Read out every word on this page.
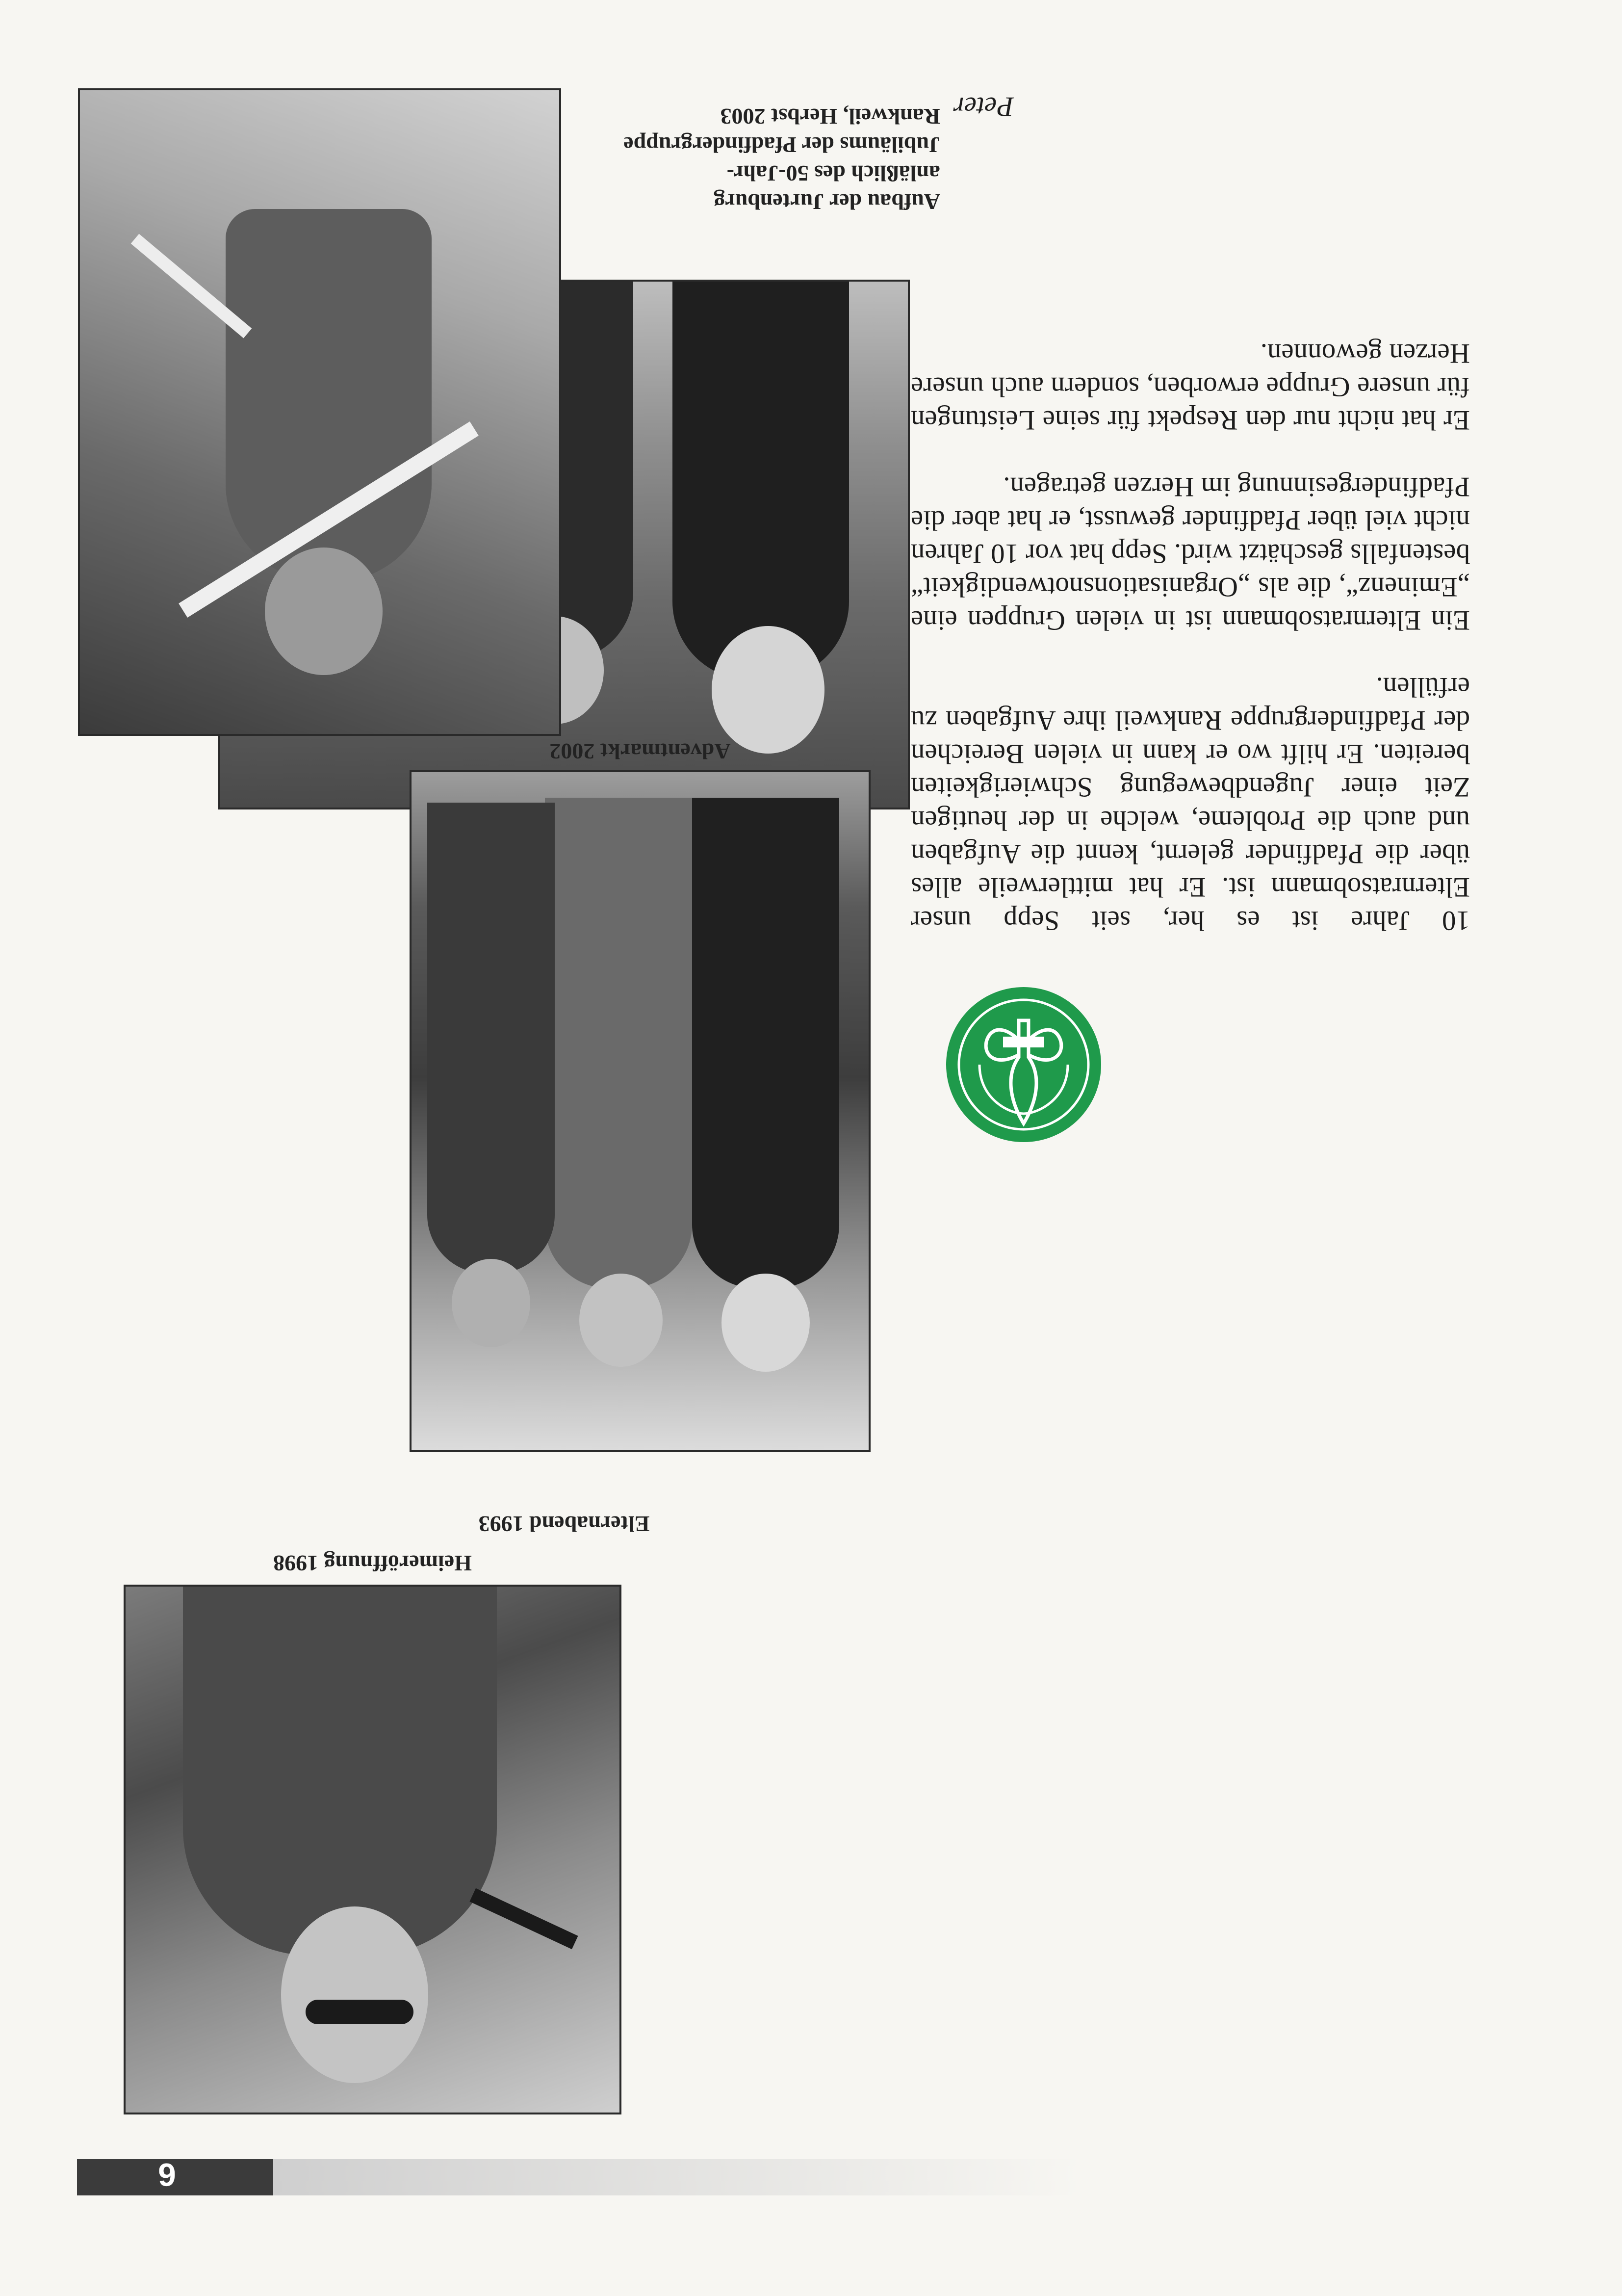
6
Elternabend 1993
Heimeröffnung 1998
Adventmarkt 2002
Aufbau der Jurtenburg
anläßlich des 50-Jahr-
Jubiläums der Pfadfindergruppe
Rankweil, Herbst 2003

10 Jahre ist es her, seit Sepp unser Elternratsobmann ist. Er hat mittlerweile alles über die Pfadfinder gelernt, kennt die Aufgaben und auch die Probleme, welche in der heutigen Zeit einer Jugendbewegung Schwierigkeiten bereiten. Er hilft wo er kann in vielen Bereichen der Pfadfindergruppe Rankweil ihre Aufgaben zu erfüllen.

Ein Elternratsobmann ist in vielen Gruppen eine „Eminenz“, die als „Organisationsnotwendigkeit“ bestenfalls geschätzt wird. Sepp hat vor 10 Jahren nicht viel über Pfadfinder gewusst, er hat aber die Pfadfindergesinnung im Herzen getragen.

Er hat nicht nur den Respekt für seine Leistungen für unsere Gruppe erworben, sondern auch unsere Herzen gewonnen.

Peter
